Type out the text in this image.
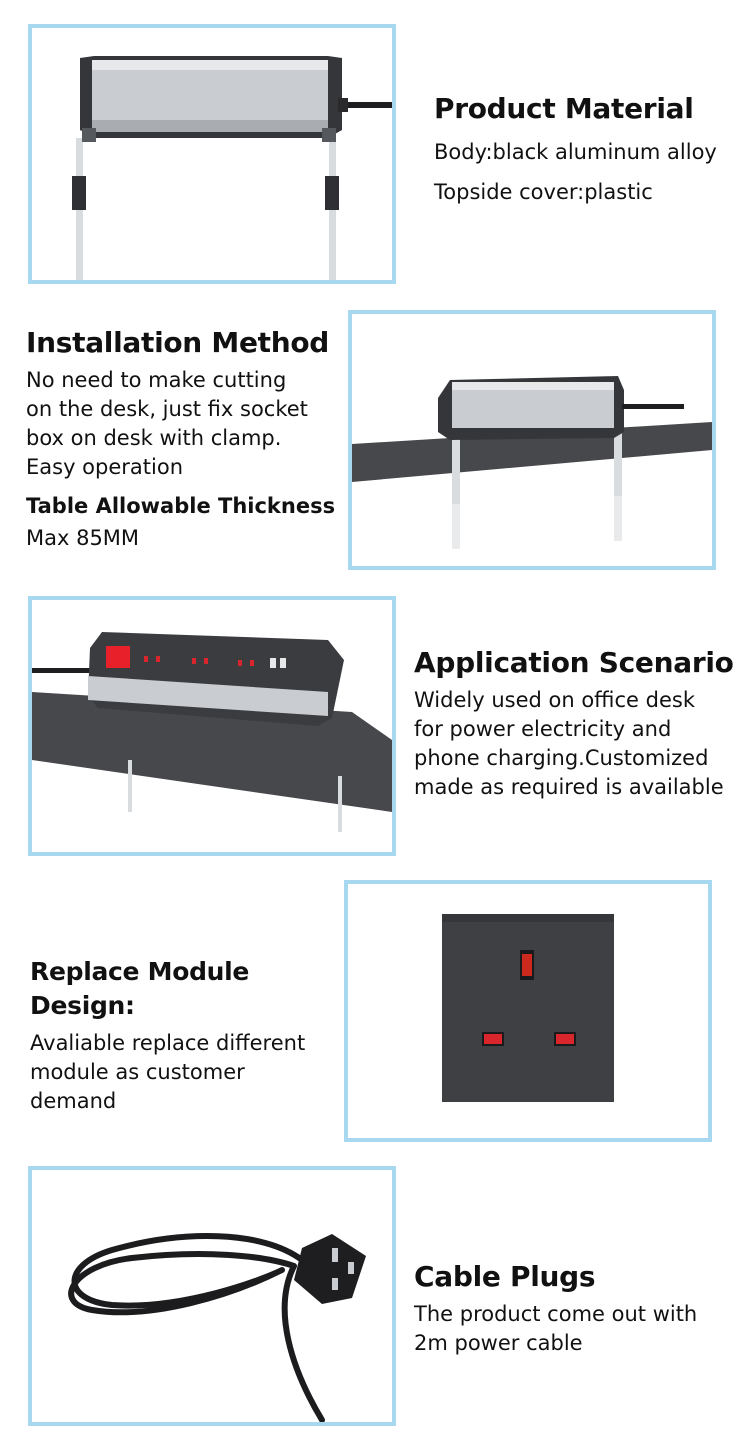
Product Material
Body:black aluminum alloy
Topside cover:plastic
Installation Method
No need to make cutting
on the desk, just fix socket
box on desk with clamp.
Easy operation
Table Allowable Thickness
Max 85MM
Application Scenario
Widely used on office desk
for power electricity and
phone charging.Customized
made as required is available
Replace Module Design:
Avaliable replace different
module as customer
demand
Cable Plugs
The product come out with
2m power cable
